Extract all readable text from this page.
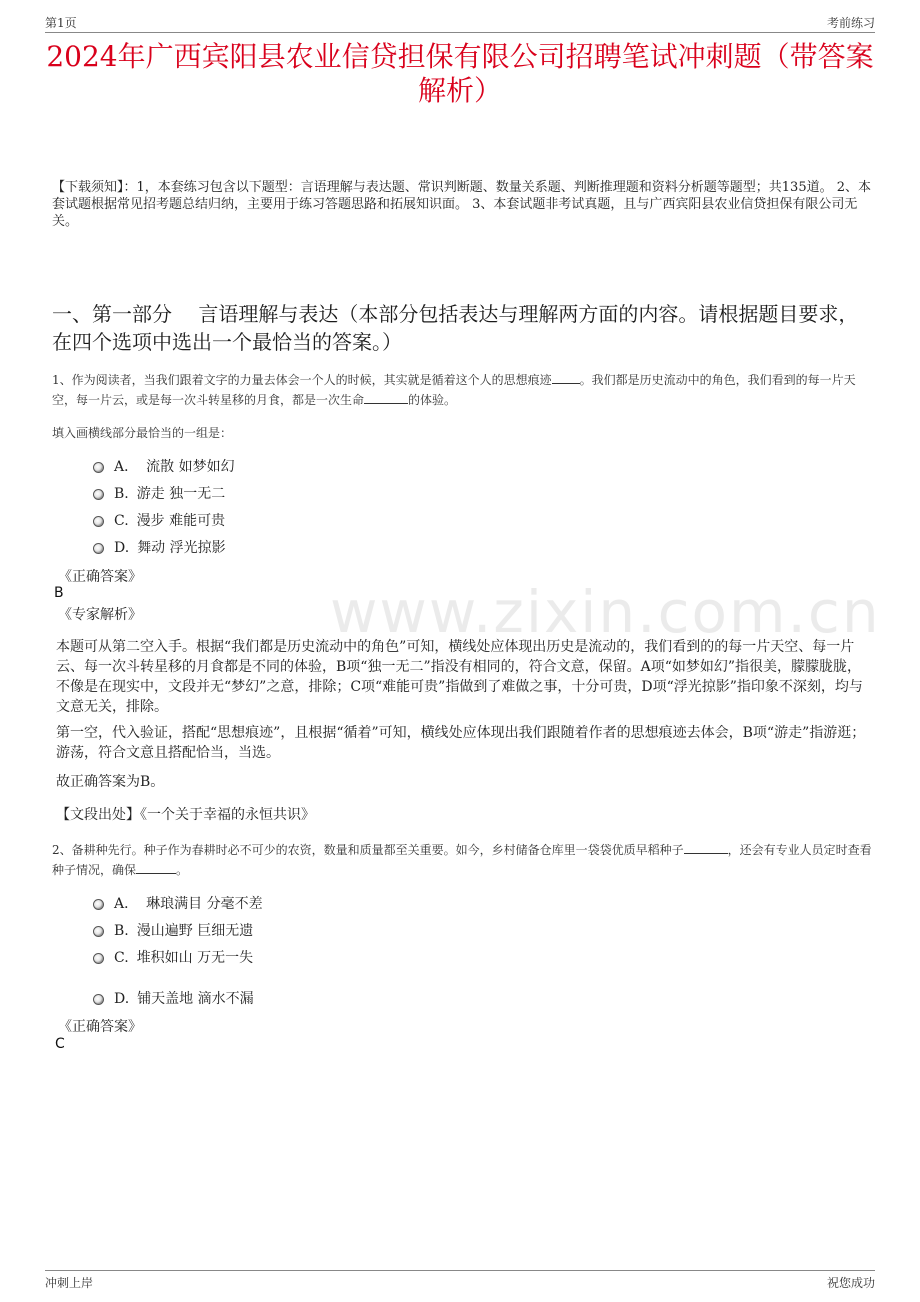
第1页	考前练习
www.zixin.com.cn
2024年广西宾阳县农业信贷担保有限公司招聘笔试冲刺题（带答案解析）
【下载须知】：1，本套练习包含以下题型：言语理解与表达题、常识判断题、数量关系题、判断推理题和资料分析题等题型；共135道。 2、本套试题根据常见招考题总结归纳，主要用于练习答题思路和拓展知识面。 3、本套试题非考试真题，且与广西宾阳县农业信贷担保有限公司无关。
一、第一部分　 言语理解与表达（本部分包括表达与理解两方面的内容。请根据题目要求，在四个选项中选出一个最恰当的答案。）
1、作为阅读者，当我们跟着文字的力量去体会一个人的时候，其实就是循着这个人的思想痕迹 。我们都是历史流动中的角色，我们看到的每一片天空，每一片云，或是每一次斗转星移的月食，都是一次生命	的体验。
填入画横线部分最恰当的一组是：
A． 流散 如梦如幻
B. 游走 独一无二
C. 漫步 难能可贵
D. 舞动 浮光掠影
《正确答案》
B
《专家解析》
本题可从第二空入手。根据“我们都是历史流动中的角色”可知，横线处应体现出历史是流动的，我们看到的的每一片天空、每一片云、每一次斗转星移的月食都是不同的体验，B项“独一无二”指没有相同的，符合文意，保留。A项“如梦如幻”指很美，朦朦胧胧，不像是在现实中，文段并无“梦幻”之意，排除；C项“难能可贵”指做到了难做之事，十分可贵，D项“浮光掠影”指印象不深刻，均与文意无关，排除。
第一空，代入验证，搭配“思想痕迹”，且根据“循着”可知，横线处应体现出我们跟随着作者的思想痕迹去体会，B项“游走”指游逛；游荡，符合文意且搭配恰当，当选。
故正确答案为B。
【文段出处】《一个关于幸福的永恒共识》
2、备耕种先行。种子作为春耕时必不可少的农资，数量和质量都至关重要。如今，乡村储备仓库里一袋袋优质早稻种子	，还会有专业人员定时查看种子情况，确保	。
A． 琳琅满目 分毫不差
B. 漫山遍野 巨细无遗
C. 堆积如山 万无一失
D. 铺天盖地 滴水不漏
《正确答案》
C
冲刺上岸	祝您成功
